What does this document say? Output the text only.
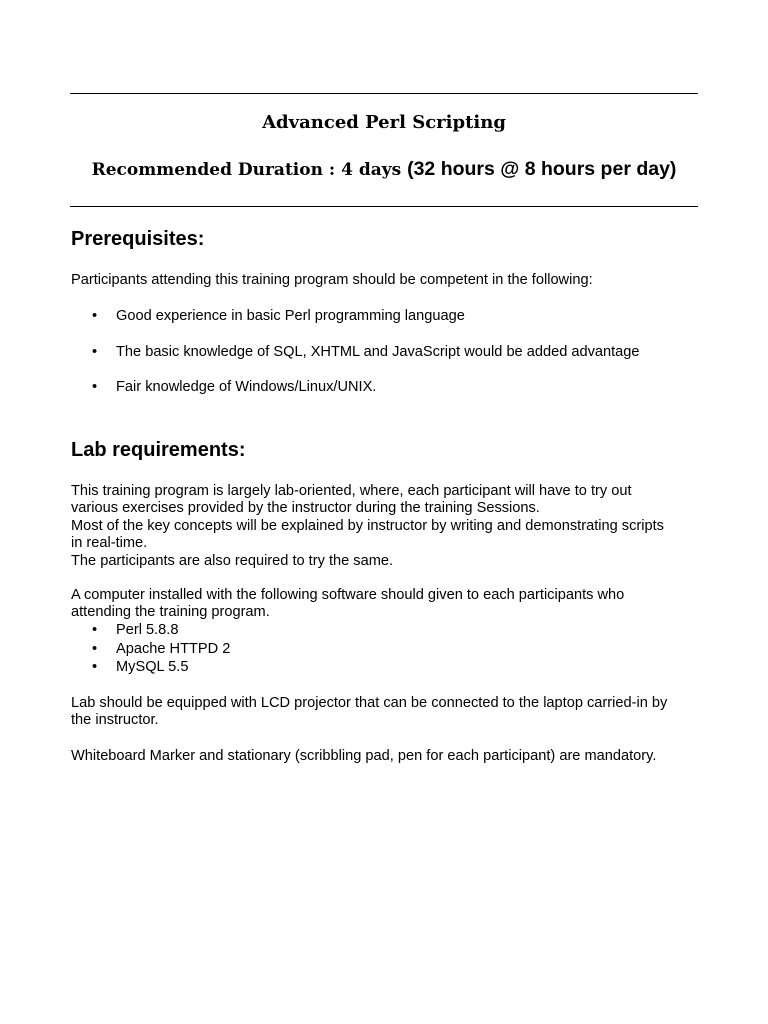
Advanced Perl Scripting
Recommended Duration : 4 days (32 hours @ 8 hours per day)
Prerequisites:

Participants attending this training program should be competent in the following:

• Good experience in basic Perl programming language
• The basic knowledge of SQL, XHTML and JavaScript would be added advantage
• Fair knowledge of Windows/Linux/UNIX.
Lab requirements:
This training program is largely lab-oriented, where, each participant will have to try out
various exercises provided by the instructor during the training Sessions.
Most of the key concepts will be explained by instructor by writing and demonstrating scripts
in real-time.
The participants are also required to try the same.
A computer installed with the following software should given to each participants who
attending the training program.
• Perl 5.8.8
• Apache HTTPD 2
• MySQL 5.5
Lab should be equipped with LCD projector that can be connected to the laptop carried-in by
the instructor.

Whiteboard Marker and stationary (scribbling pad, pen for each participant) are mandatory.
